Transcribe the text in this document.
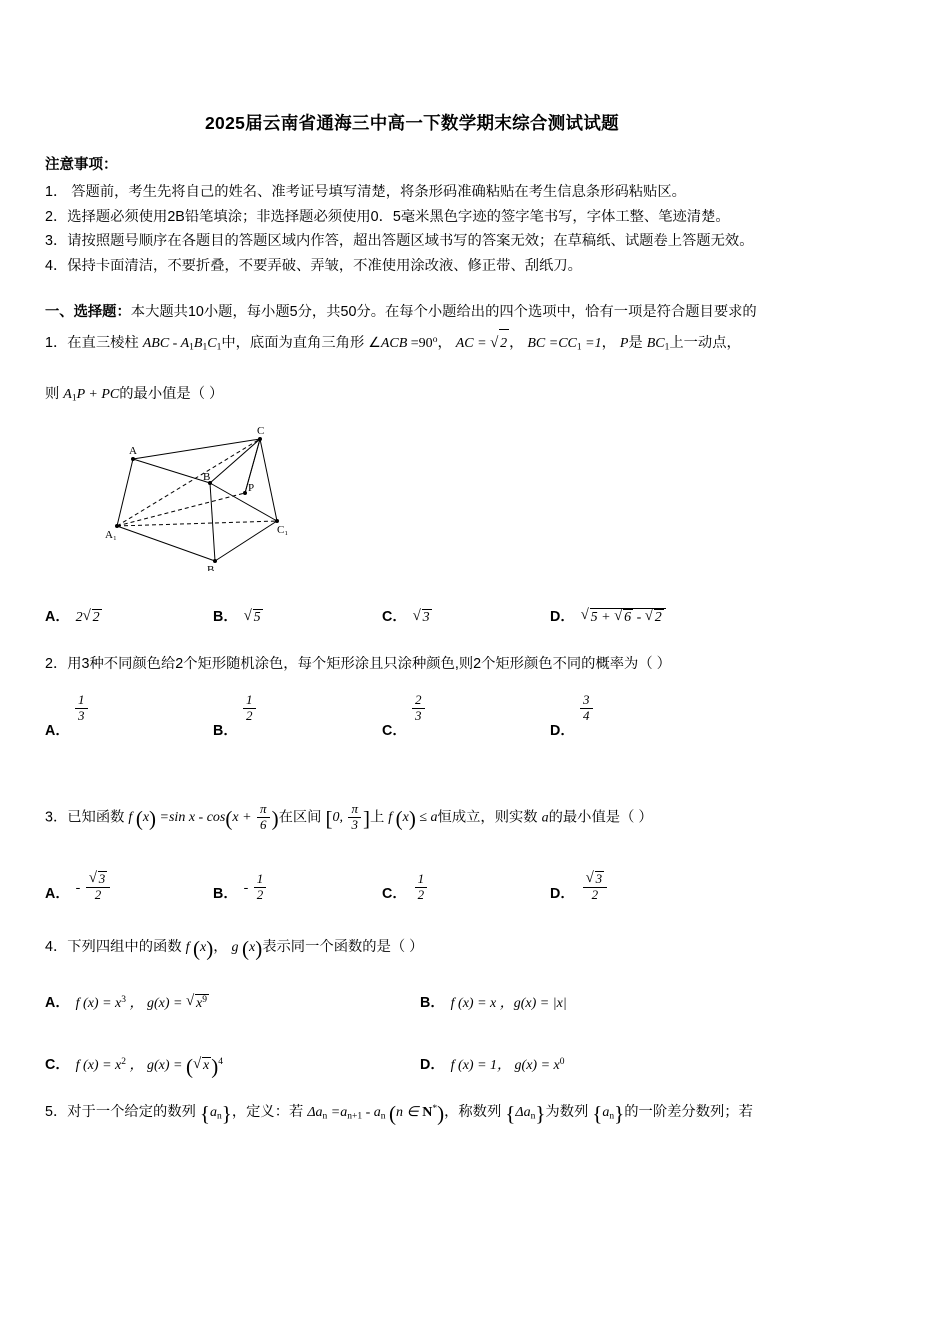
2025届云南省通海三中高一下数学期末综合测试试题
注意事项：

1． 答题前，考生先将自己的姓名、准考证号填写清楚，将条形码准确粘贴在考生信息条形码粘贴区。

2．选择题必须使用2B铅笔填涂；非选择题必须使用0．5毫米黑色字迹的签字笔书写，字体工整、笔迹清楚。

3．请按照题号顺序在各题目的答题区域内作答，超出答题区域书写的答案无效；在草稿纸、试题卷上答题无效。

4．保持卡面清洁，不要折叠，不要弄破、弄皱，不准使用涂改液、修正带、刮纸刀。

一、选择题：本大题共10小题，每小题5分，共50分。在每个小题给出的四个选项中，恰有一项是符合题目要求的
1．在直三棱柱 ABC - $A_1B_1C_1$中，底面为直角三角形 ∠ACB $=90^o$， AC = √ 2 ， BC $=CC_1 =1$， P是 $BC_1$上一动点，
则 $A_1P$ + PC的最小值是（ ）
A
C
B
P
A₁	C₁
B₁
A． 2 √ 2	B．	√ 5	C．	√ 3	D．	√ 5 + √ 6 - √ 2
2．用3种不同颜色给2个矩形随机涂色，每个矩形涂且只涂种颜色,则2个矩形颜色不同的概率为（ ）
A．
$\frac{1}{3}$
B．
$\frac{1}{2}$
C．
$\frac{2}{3}$
D．
$\frac{3}{4}$
3．已知函数 f (x) =sin $x - \cos(x + \frac{\pi}{6}$ )在区间 [0, $\frac{\pi}{3}$ ]上 f (x) ≤ a恒成立，则实数 a的最小值是（ ）
A． - √ $\frac{3}{2}$	B． - $\frac{1}{2}$	C． $\frac{1}{2}$	D． √ $\frac{3}{2}$
4．下列四组中的函数 f (x)， g (x)表示同一个函数的是（ ）
A． f $(x) = x^3$ ， g(x) = √ $x^9$	B． f (x) = x ，g(x) = |x|
C． f $(x) = x^2$ ， g(x) = ( √ x)$^4$	D． f (x) = 1， $g(x) = x^0$
5．对于一个给定的数列 $\{a_n\}$，定义：若 $\Delta a_n =a_{n+1} - a_n$ (n ∈ N*)，称数列 $\{\Delta a_n\}$为数列 $\{a_n\}$的一阶差分数列；若
